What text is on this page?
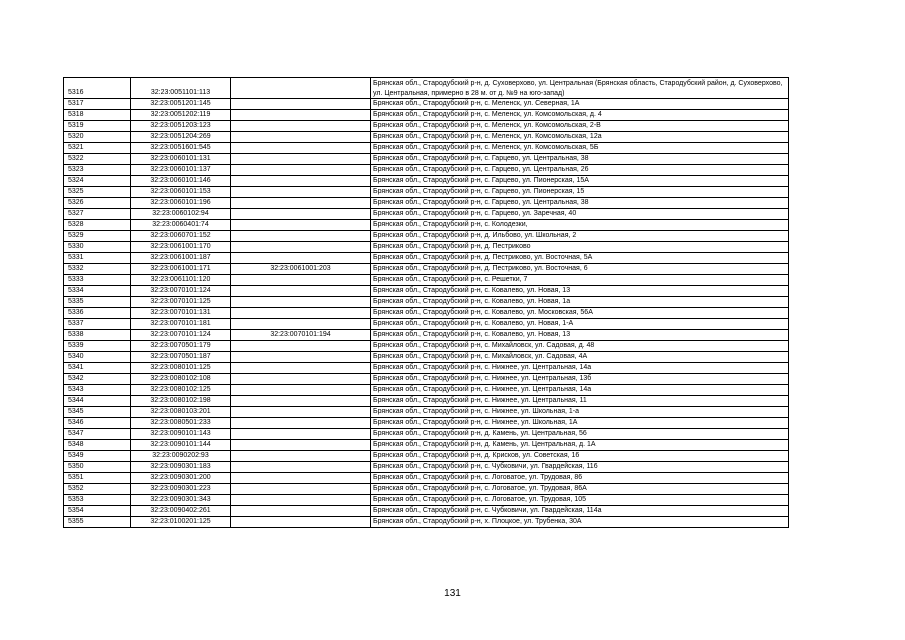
5316	32:23:0051101:113		Брянская обл., Стародубский р-н, д. Суховерхово, ул. Центральная (Брянская область, Стародубский район, д. Суховерхово, ул. Центральная, примерно в 28 м. от д. №9 на юго-запад)
5317	32:23:0051201:145		Брянская обл., Стародубский р-н, с. Меленск, ул. Северная, 1А
5318	32:23:0051202:119		Брянская обл., Стародубский р-н, с. Меленск, ул. Комсомольская, д. 4
5319	32:23:0051203:123		Брянская обл., Стародубский р-н, с. Меленск, ул. Комсомольская, 2-В
5320	32:23:0051204:269		Брянская обл., Стародубский р-н, с. Меленск, ул. Комсомольская, 12а
5321	32:23:0051601:545		Брянская обл., Стародубский р-н, с. Меленск, ул. Комсомольская, 5Б
5322	32:23:0060101:131		Брянская обл., Стародубский р-н, с. Гарцево, ул. Центральная, 38
5323	32:23:0060101:137		Брянская обл., Стародубский р-н, с. Гарцево, ул. Центральная, 26
5324	32:23:0060101:146		Брянская обл., Стародубский р-н, с. Гарцево, ул. Пионерская, 15А
5325	32:23:0060101:153		Брянская обл., Стародубский р-н, с. Гарцево, ул. Пионерская, 15
5326	32:23:0060101:196		Брянская обл., Стародубский р-н, с. Гарцево, ул. Центральная, 38
5327	32:23:0060102:94		Брянская обл., Стародубский р-н, с. Гарцево, ул. Заречная, 40
5328	32:23:0060401:74		Брянская обл., Стародубский р-н, с. Колодезки,
5329	32:23:0060701:152		Брянская обл., Стародубский р-н, д. Ильбово, ул. Школьная, 2
5330	32:23:0061001:170		Брянская обл., Стародубский р-н, д. Пестриково
5331	32:23:0061001:187		Брянская обл., Стародубский р-н, д. Пестриково, ул. Восточная, 5А
5332	32:23:0061001:171	32:23:0061001:203	Брянская обл., Стародубский р-н, д. Пестриково, ул. Восточная, 6
5333	32:23:0061101:120		Брянская обл., Стародубский р-н, с. Решетки, 7
5334	32:23:0070101:124		Брянская обл., Стародубский р-н, с. Ковалево, ул. Новая, 13
5335	32:23:0070101:125		Брянская обл., Стародубский р-н, с. Ковалево, ул. Новая, 1а
5336	32:23:0070101:131		Брянская обл., Стародубский р-н, с. Ковалево, ул. Московская, 56А
5337	32:23:0070101:181		Брянская обл., Стародубский р-н, с. Ковалево, ул. Новая, 1-А
5338	32:23:0070101:124	32:23:0070101:194	Брянская обл., Стародубский р-н, с. Ковалево, ул. Новая, 13
5339	32:23:0070501:179		Брянская обл., Стародубский р-н, с. Михайловск, ул. Садовая, д. 48
5340	32:23:0070501:187		Брянская обл., Стародубский р-н, с. Михайловск, ул. Садовая, 4А
5341	32:23:0080101:125		Брянская обл., Стародубский р-н, с. Нижнее, ул. Центральная, 14а
5342	32:23:0080102:108		Брянская обл., Стародубский р-н, с. Нижнее, ул. Центральная, 13б
5343	32:23:0080102:125		Брянская обл., Стародубский р-н, с. Нижнее, ул. Центральная, 14а
5344	32:23:0080102:198		Брянская обл., Стародубский р-н, с. Нижнее, ул. Центральная, 11
5345	32:23:0080103:201		Брянская обл., Стародубский р-н, с. Нижнее, ул. Школьная, 1-а
5346	32:23:0080501:233		Брянская обл., Стародубский р-н, с. Нижнее, ул. Школьная, 1А
5347	32:23:0090101:143		Брянская обл., Стародубский р-н, д. Камень, ул. Центральная, 56
5348	32:23:0090101:144		Брянская обл., Стародубский р-н, д. Камень, ул. Центральная, д. 1А
5349	32:23:0090202:93		Брянская обл., Стародубский р-н, д. Крисков, ул. Советская, 16
5350	32:23:0090301:183		Брянская обл., Стародубский р-н, с. Чубковичи, ул. Гвардейская, 116
5351	32:23:0090301:200		Брянская обл., Стародубский р-н, с. Логоватое, ул. Трудовая, 86
5352	32:23:0090301:223		Брянская обл., Стародубский р-н, с. Логоватое, ул. Трудовая, 86А
5353	32:23:0090301:343		Брянская обл., Стародубский р-н, с. Логоватое, ул. Трудовая, 105
5354	32:23:0090402:261		Брянская обл., Стародубский р-н, с. Чубковичи, ул. Гвардейская, 114а
5355	32:23:0100201:125		Брянская обл., Стародубский р-н, х. Плоцкое, ул. Трубенка, 30А
131
